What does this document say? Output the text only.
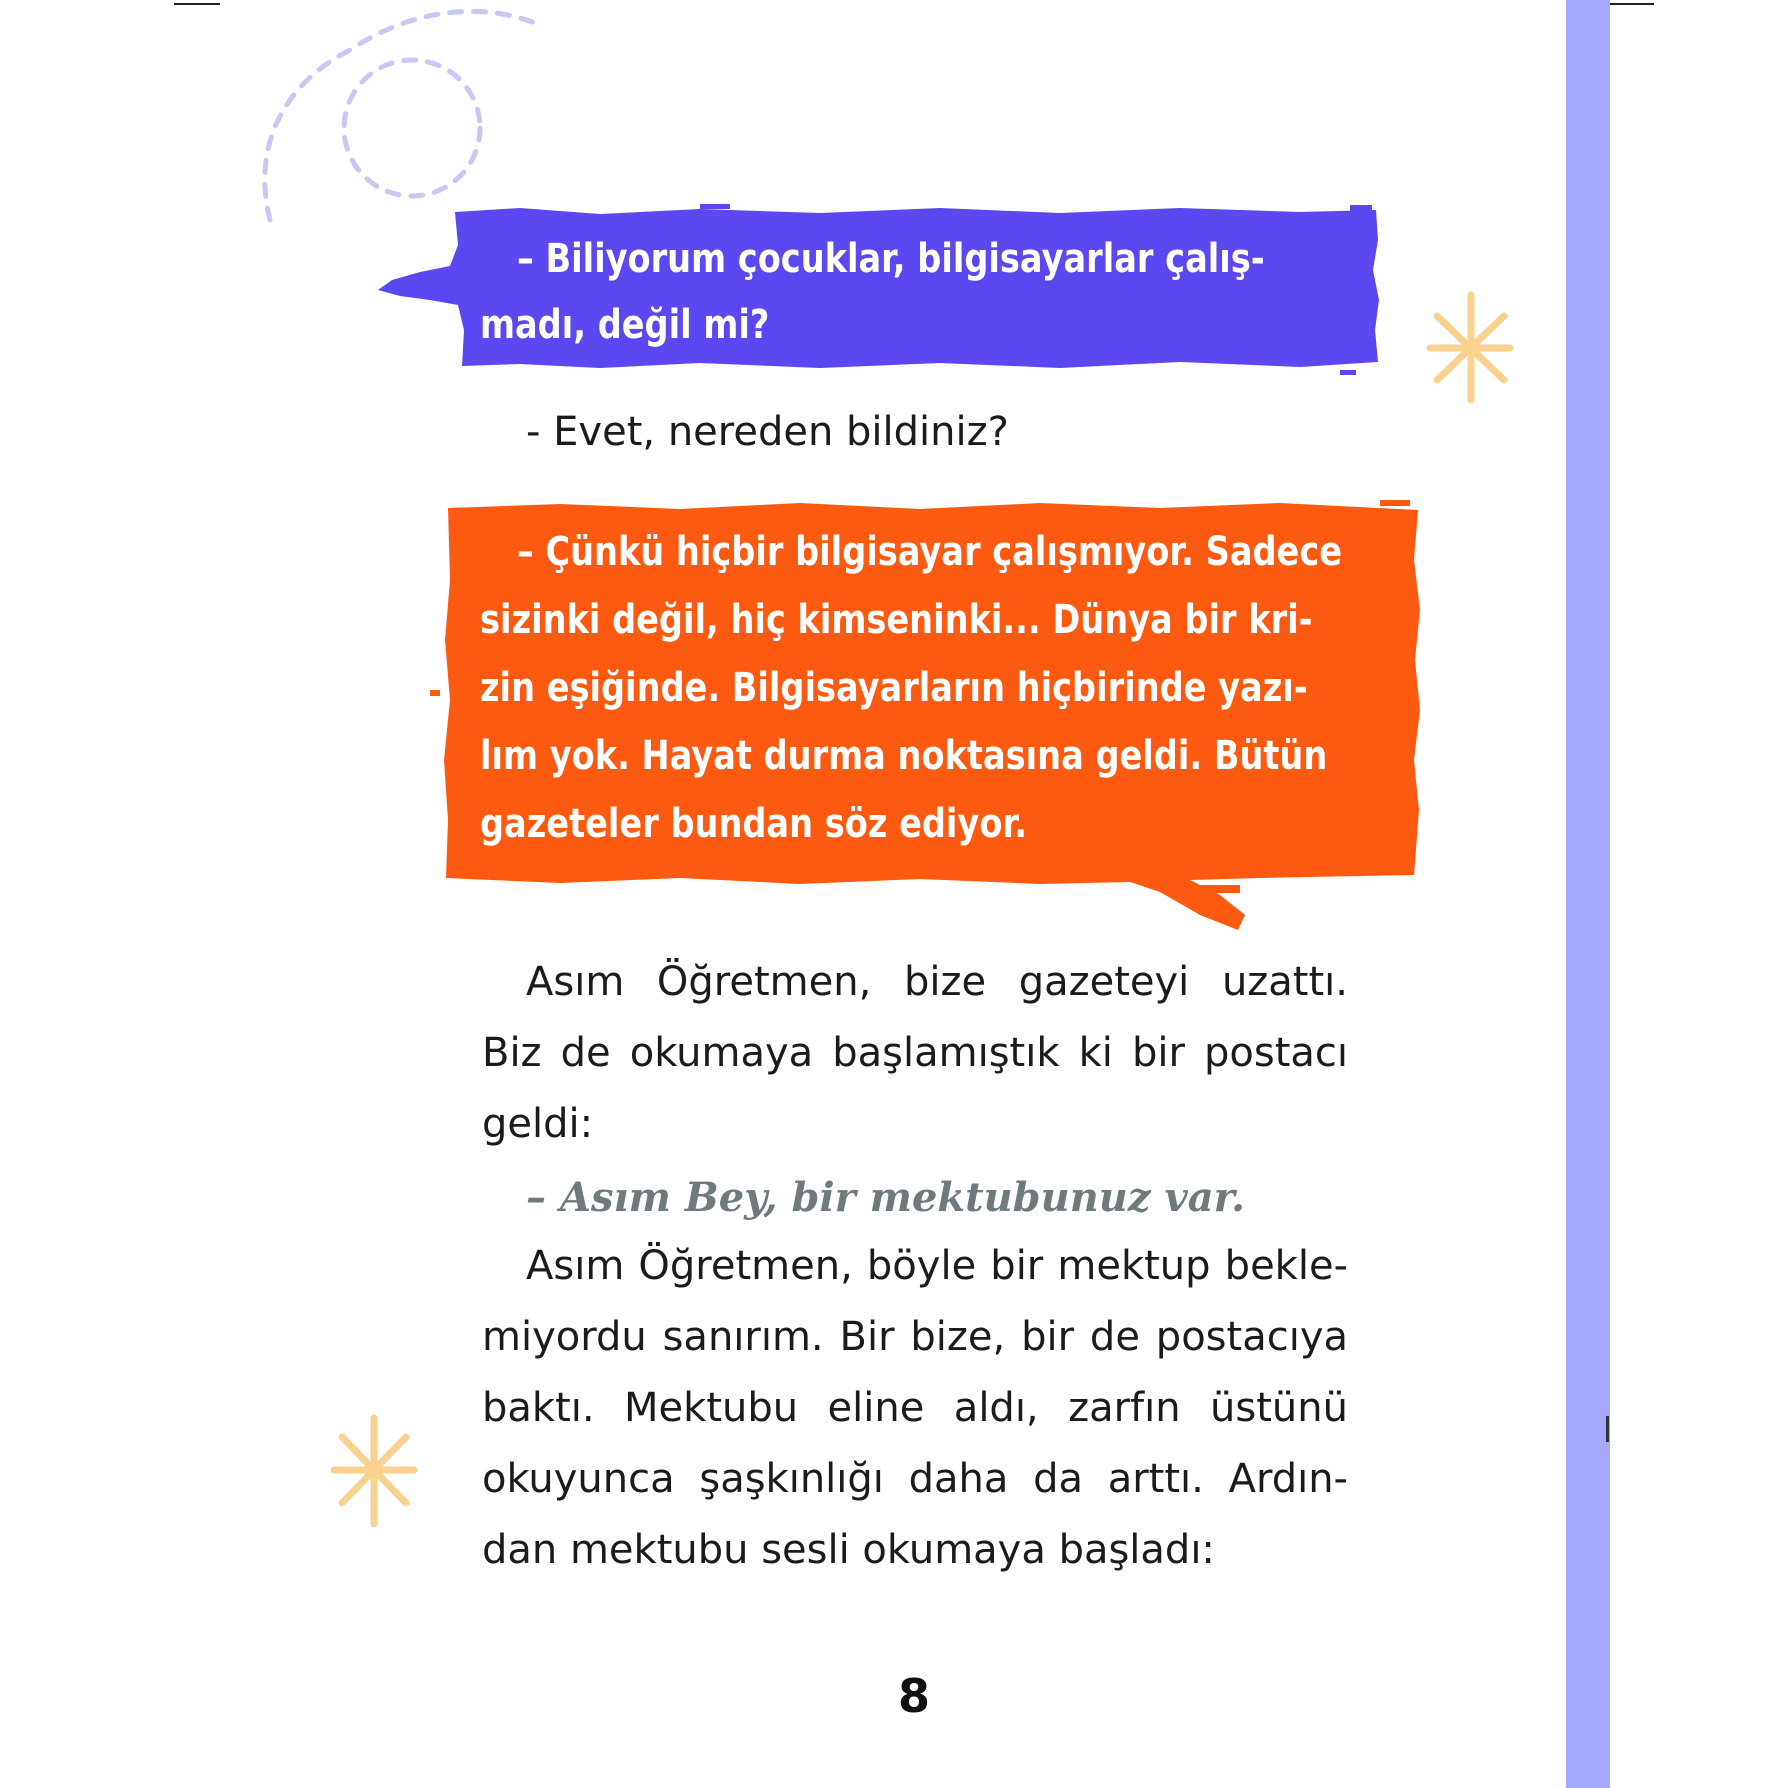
– Biliyorum çocuklar, bilgisayarlar çalış-

madı, değil mi?

- Evet, nereden bildiniz?

– Çünkü hiçbir bilgisayar çalışmıyor. Sadece

sizinki değil, hiç kimseninki... Dünya bir kri-

zin eşiğinde. Bilgisayarların hiçbirinde yazı-

lım yok. Hayat durma noktasına geldi. Bütün

gazeteler bundan söz ediyor.

Asım Öğretmen, bize gazeteyi uzattı.
Biz de okumaya başlamıştık ki bir postacı
geldi:
– Asım Bey, bir mektubunuz var.
Asım Öğretmen, böyle bir mektup bekle-
miyordu sanırım. Bir bize, bir de postacıya
baktı. Mektubu eline aldı, zarfın üstünü
okuyunca şaşkınlığı daha da arttı. Ardın-
dan mektubu sesli okumaya başladı:
8
